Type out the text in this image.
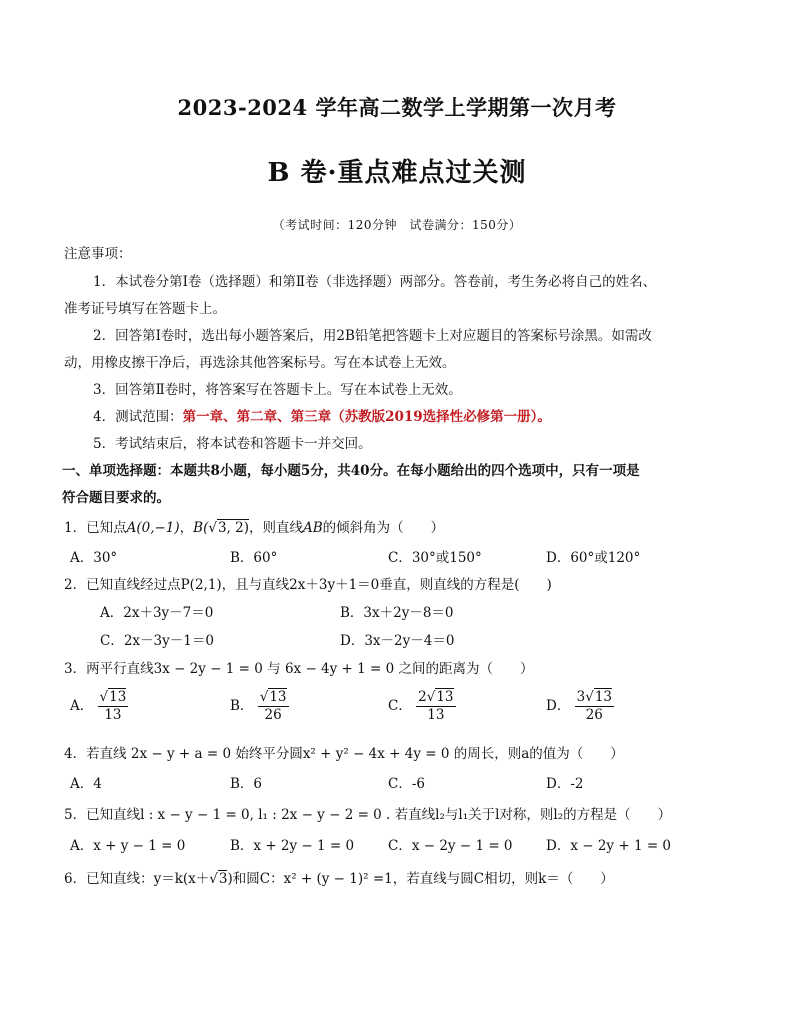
2023-2024 学年高二数学上学期第一次月考
B 卷·重点难点过关测
（考试时间：120分钟　试卷满分：150分）
注意事项：
1．本试卷分第Ⅰ卷（选择题）和第Ⅱ卷（非选择题）两部分。答卷前，考生务必将自己的姓名、
准考证号填写在答题卡上。
2．回答第Ⅰ卷时，选出每小题答案后，用2B铅笔把答题卡上对应题目的答案标号涂黑。如需改
动，用橡皮擦干净后，再选涂其他答案标号。写在本试卷上无效。
3．回答第Ⅱ卷时，将答案写在答题卡上。写在本试卷上无效。
4．测试范围：第一章、第二章、第三章（苏教版2019选择性必修第一册）。
5．考试结束后，将本试卷和答题卡一并交回。
一、单项选择题：本题共8小题，每小题5分，共40分。在每小题给出的四个选项中，只有一项是
符合题目要求的。
1．已知点A(0,−1)，B(√3, 2)，则直线AB的倾斜角为（　　）
A．30°	B．60°	C．30°或150°	D．60°或120°
2．已知直线经过点P(2,1)，且与直线2x＋3y＋1＝0垂直，则直线的方程是(　　)
A．2x＋3y－7＝0	B．3x＋2y－8＝0
C．2x－3y－1＝0	D．3x－2y－4＝0
3．两平行直线3x − 2y − 1 = 0 与 6x − 4y + 1 = 0 之间的距离为（　　）
A． $\frac{√13}{13}$	B． $\frac{√13}{26}$	C． $\frac{2√13}{13}$	D． $\frac{3√13}{26}$
4．若直线 2x − y + a = 0 始终平分圆x² + y² − 4x + 4y = 0 的周长，则a的值为（　　）
A．4	B．6	C．-6	D．-2
5．已知直线l : x − y − 1 = 0, l₁ : 2x − y − 2 = 0 . 若直线l₂与l₁关于l对称，则l₂的方程是（　　）
A．x + y − 1 = 0	B．x + 2y − 1 = 0	C．x − 2y − 1 = 0 D．x − 2y + 1 = 0
6．已知直线：y＝k(x＋√3)和圆C：x² + (y − 1)² =1，若直线与圆C相切，则k＝（　　）
